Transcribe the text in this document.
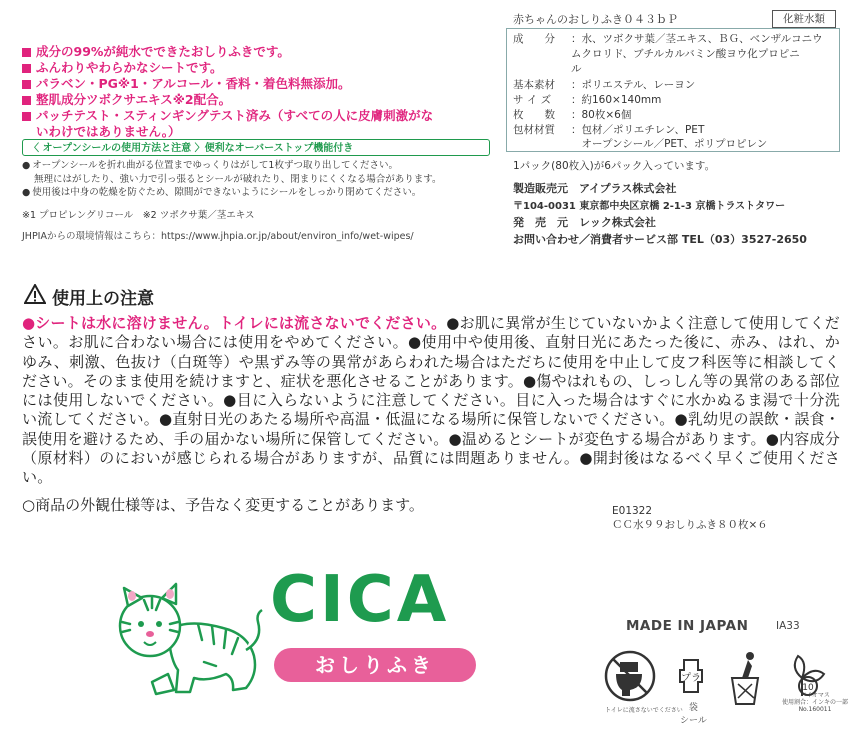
成分の99%が純水でできたおしりふきです。
ふんわりやわらかなシートです。
パラベン・PG※1・アルコール・香料・着色料無添加。
整肌成分ツボクサエキス※2配合。
パッチテスト・スティンギングテスト済み（すべての人に皮膚刺激がな
いわけではありません。）
〈 オープンシールの使用方法と注意 〉便利なオーバーストップ機能付き
● オープンシールを折れ曲がる位置までゆっくりはがして1枚ずつ取り出してください。
無理にはがしたり、強い力で引っ張るとシールが破れたり、閉まりにくくなる場合があります。
● 使用後は中身の乾燥を防ぐため、隙間ができないようにシールをしっかり閉めてください。
※1 プロピレングリコール　※2 ツボクサ葉／茎エキス
JHPIAからの環境情報はこちら：https://www.jhpia.or.jp/about/environ_info/wet-wipes/
赤ちゃんのおしりふき０４３ｂＰ	化粧水類
成　　分 ：水、ツボクサ葉／茎エキス、ＢＧ、ベンザルコニウ
ムクロリド、ブチルカルバミン酸ヨウ化プロピニ
ル
基本素材 ：ポリエステル、レーヨン
サ イ ズ ：約160×140mm
枚　　数 ：80枚×6個
包材材質 ：包材／ポリエチレン、PET
　オープンシール／PET、ポリプロピレン
1パック(80枚入)が6パック入っています。
製造販売元　アイプラス株式会社
〒104-0031 東京都中央区京橋 2-1-3 京橋トラストタワー
発　売　元　レック株式会社
お問い合わせ／消費者サービス部 TEL（03）3527-2650
使用上の注意
●シートは水に溶けません。トイレには流さないでください。●お肌に異常が生じていないかよく注意して使用してください。お肌に合わない場合には使用をやめてください。●使用中や使用後、直射日光にあたった後に、赤み、はれ、かゆみ、刺激、色抜け（白斑等）や黒ずみ等の異常があらわれた場合はただちに使用を中止して皮フ科医等に相談してください。そのまま使用を続けますと、症状を悪化させることがあります。●傷やはれもの、しっしん等の異常のある部位には使用しないでください。●目に入らないように注意してください。目に入った場合はすぐに水かぬるま湯で十分洗い流してください。●直射日光のあたる場所や高温・低温になる場所に保管しないでください。●乳幼児の誤飲・誤食・誤使用を避けるため、手の届かない場所に保管してください。●温めるとシートが変色する場合があります。●内容成分（原材料）のにおいが感じられる場合がありますが、品質には問題ありません。●開封後はなるべく早くご使用ください。
○商品の外観仕様等は、予告なく変更することがあります。	E01322
ＣＣ水９９おしりふき８０枚×６
CICA
おしりふき
MADE IN JAPAN	IA33
プラ
10
トイレに流さないでください 袋
シール
バイオマス
使用割合：インキの一部
No.160011
